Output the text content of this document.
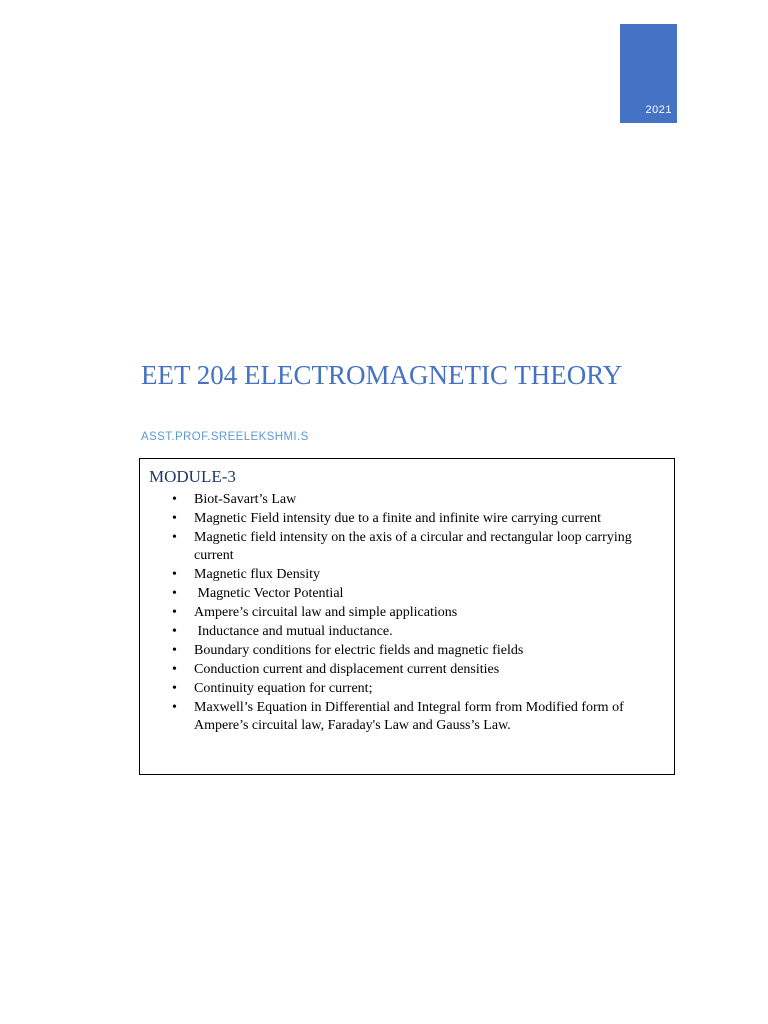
2021
EET 204 ELECTROMAGNETIC THEORY
ASST.PROF.SREELEKSHMI.S
MODULE-3
• Biot-Savart’s Law
• Magnetic Field intensity due to a finite and infinite wire carrying current
• Magnetic field intensity on the axis of a circular and rectangular loop carrying current
• Magnetic flux Density
• Magnetic Vector Potential
• Ampere’s circuital law and simple applications
• Inductance and mutual inductance.
• Boundary conditions for electric fields and magnetic fields
• Conduction current and displacement current densities
• Continuity equation for current;
• Maxwell’s Equation in Differential and Integral form from Modified form of Ampere’s circuital law, Faraday's Law and Gauss’s Law.
